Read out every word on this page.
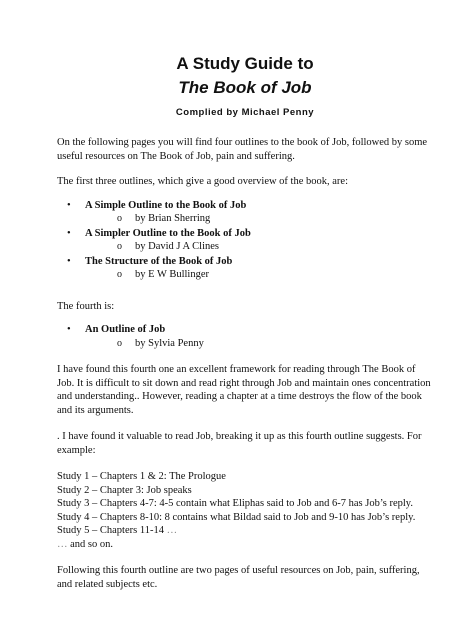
A Study Guide to
The Book of Job
Complied by Michael Penny

On the following pages you will find four outlines to the book of Job, followed by some useful resources on The Book of Job, pain and suffering.

The first three outlines, which give a good overview of the book, are:

• A Simple Outline to the Book of Job
o by Brian Sherring
• A Simpler Outline to the Book of Job
o by David J A Clines
• The Structure of the Book of Job
o by E W Bullinger

The fourth is:

• An Outline of Job
o by Sylvia Penny

I have found this fourth one an excellent framework for reading through The Book of Job. It is difficult to sit down and read right through Job and maintain ones concentration and understanding.. However, reading a chapter at a time destroys the flow of the book and its arguments.

. I have found it valuable to read Job, breaking it up as this fourth outline suggests. For example:

Study 1 – Chapters 1 & 2: The Prologue
Study 2 – Chapter 3: Job speaks
Study 3 – Chapters 4-7: 4-5 contain what Eliphas said to Job and 6-7 has Job’s reply.
Study 4 – Chapters 8-10: 8 contains what Bildad said to Job and 9-10 has Job’s reply.
Study 5 – Chapters 11-14 …
… and so on.

Following this fourth outline are two pages of useful resources on Job, pain, suffering, and related subjects etc.
